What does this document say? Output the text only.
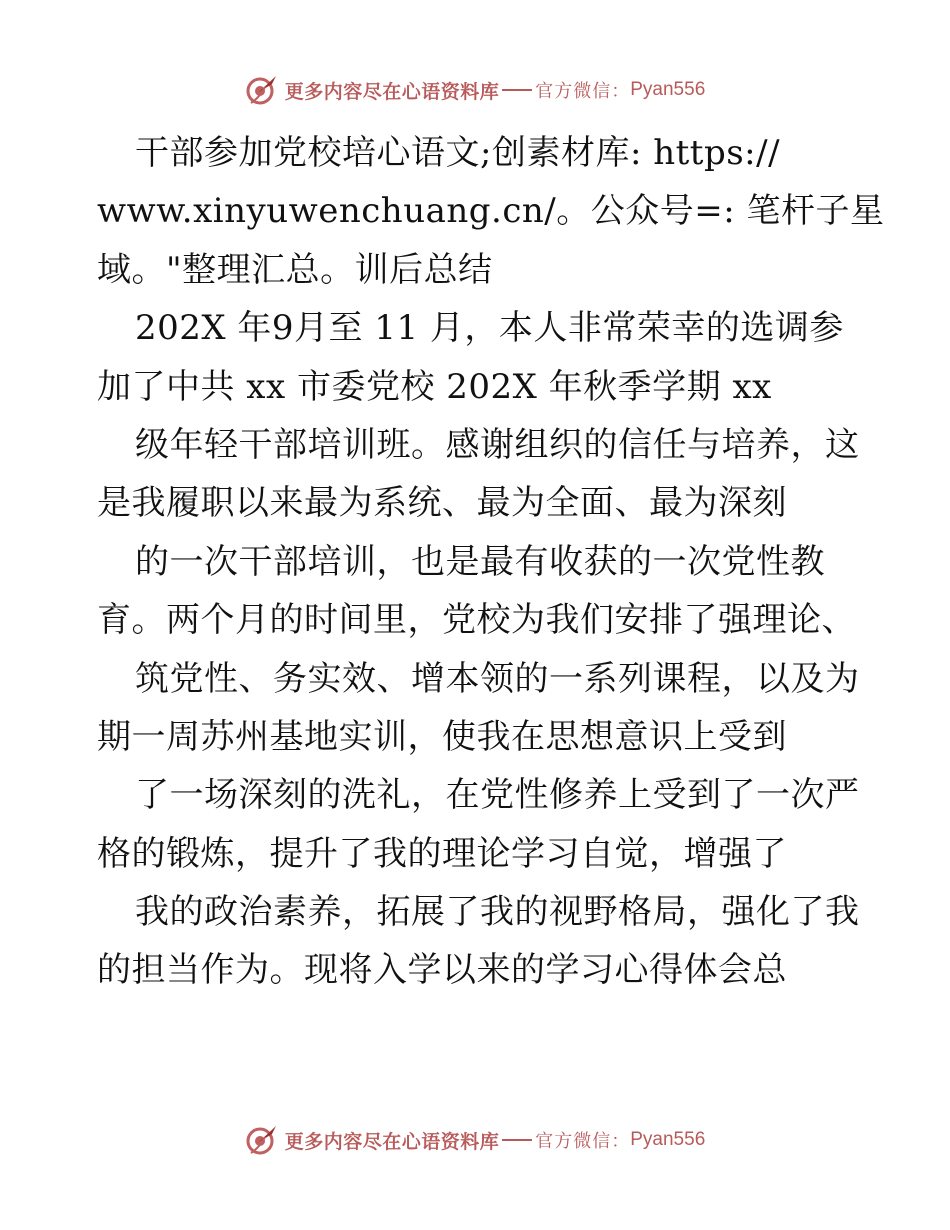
更多内容尽在心语资料库 官方微信： Pyan556
干部参加党校培心语文;创素材库: https://
www.xinyuwenchuang.cn/。公众号=: 笔杆子星
域。"整理汇总。训后总结
202X 年9月至 11 月，本人非常荣幸的选调参
加了中共 xx 市委党校 202X 年秋季学期 xx
级年轻干部培训班。感谢组织的信任与培养，这
是我履职以来最为系统、最为全面、最为深刻
的一次干部培训，也是最有收获的一次党性教
育。两个月的时间里，党校为我们安排了强理论、
筑党性、务实效、增本领的一系列课程，以及为
期一周苏州基地实训，使我在思想意识上受到
了一场深刻的洗礼，在党性修养上受到了一次严
格的锻炼，提升了我的理论学习自觉，增强了
我的政治素养，拓展了我的视野格局，强化了我
的担当作为。现将入学以来的学习心得体会总
更多内容尽在心语资料库 官方微信： Pyan556
